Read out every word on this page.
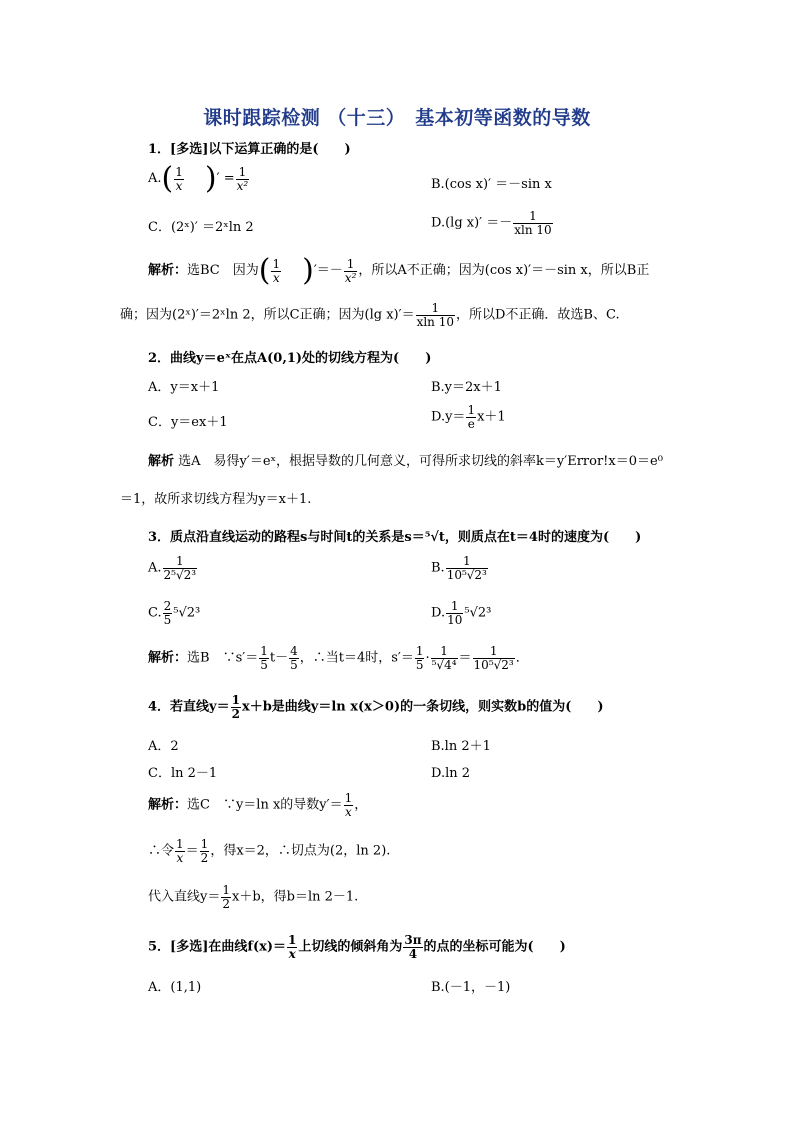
课时跟踪检测 （十三）　基本初等函数的导数
1．[多选]以下运算正确的是(　　)
$A.( \frac{1}{x}$ )′ = $\frac{1}{\text{x²}}$	B.(cos x)′ ＝－sin x
C．(2ˣ)′ ＝2ˣln 2	D.(lg $x)' =- \frac{1}{xln 10}$
解析：选BC　因为( $\frac{1}{x}$ )′＝－ $\frac{1}{\text{x²}}$ ，所以A不正确；因为(cos x)′＝－sin x，所以B正
确；因为(2ˣ)′＝2ˣln 2，所以C正确；因为(lg $x)'= \frac{1}{xln 10}$ ，所以D不正确．故选B、C.
2．曲线y＝eˣ在点A(0,1)处的切线方程为(　　)
A．y＝x＋1	B.y＝2x＋1
C．y＝ex＋1	$D.y= \frac{1}{e} x+1$
解析 选A　易得y′＝eˣ，根据导数的几何意义，可得所求切线的斜率k＝y′Error!x＝0＝e⁰
＝1，故所求切线方程为y＝x＋1.
3．质点沿直线运动的路程s与时间t的关系是s＝⁵√t，则质点在t＝4时的速度为(　　)
A. $\frac{1}{\text{2⁵√2³}}$	B. $\frac{1}{\text{10⁵√2³}}$
C. $\frac{2}{5} ^5√2^3$	D. $\frac{1}{10} ^5√2^3$
解析：选B　∵s′＝ $\frac{1}{5} t- \frac{4}{5}$ ，∴当t＝4时，$s'= \frac{1}{5} \cdot \frac{1}{\text{⁵√4⁴}} = \frac{1}{\text{10⁵√2³}}$ ．
4．若直线$y= \frac{1}{2} x+b$是曲线y＝ln x(x＞0)的一条切线，则实数b的值为(　　)
A．2	B.ln 2＋1
C．ln 2－1	D.ln 2
解析：选C　∵y＝ln x的导数$y'= \frac{1}{x}$ ，
∴令 $\frac{1}{x} = \frac{1}{2}$ ，得x＝2，∴切点为(2，ln 2).
代入直线$y= \frac{1}{2} x+b$，得b＝ln 2－1.
5．[多选]在曲线$f(x)= \frac{1}{x}$ 上切线的倾斜角为 $\frac{3\pi}{4}$ 的点的坐标可能为(　　)
A．(1,1)	B.(－1，－1)
